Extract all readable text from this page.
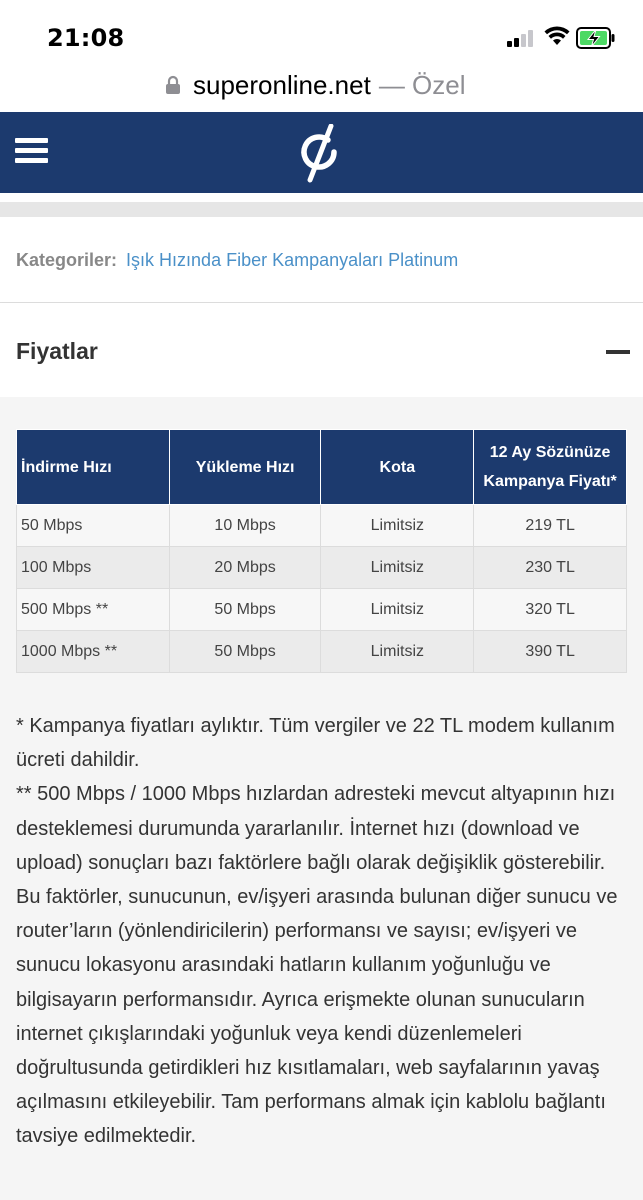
21:08
superonline.net — Özel
Kategoriler: Işık Hızında Fiber Kampanyaları Platinum
Fiyatlar
İndirme Hızı	Yükleme Hızı	Kota	12 Ay Sözünüze
Kampanya Fiyatı*
50 Mbps	10 Mbps	Limitsiz	219 TL
100 Mbps	20 Mbps	Limitsiz	230 TL
500 Mbps **	50 Mbps	Limitsiz	320 TL
1000 Mbps **	50 Mbps	Limitsiz	390 TL

* Kampanya fiyatları aylıktır. Tüm vergiler ve 22 TL modem kullanım ücreti dahildir.

** 500 Mbps / 1000 Mbps hızlardan adresteki mevcut altyapının hızı desteklemesi durumunda yararlanılır. İnternet hızı (download ve upload) sonuçları bazı faktörlere bağlı olarak değişiklik gösterebilir. Bu faktörler, sunucunun, ev/işyeri arasında bulunan diğer sunucu ve router’ların (yönlendiricilerin) performansı ve sayısı; ev/işyeri ve sunucu lokasyonu arasındaki hatların kullanım yoğunluğu ve bilgisayarın performansıdır. Ayrıca erişmekte olunan sunucuların internet çıkışlarındaki yoğunluk veya kendi düzenlemeleri doğrultusunda getirdikleri hız kısıtlamaları, web sayfalarının yavaş açılmasını etkileyebilir. Tam performans almak için kablolu bağlantı tavsiye edilmektedir.
